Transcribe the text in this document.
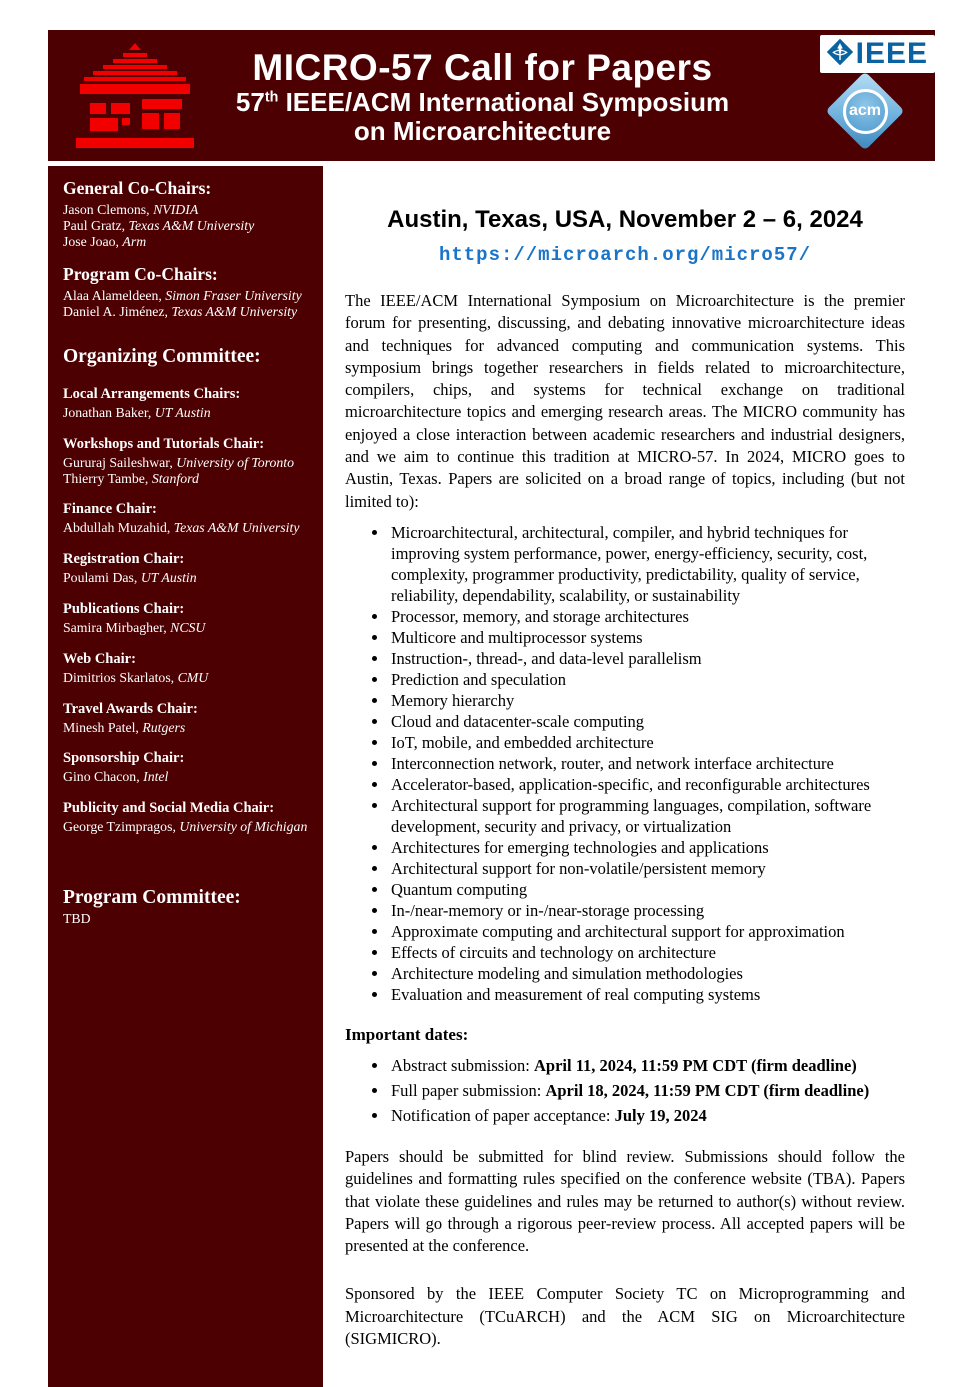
MICRO-57 Call for Papers
57th IEEE/ACM International Symposium
on Microarchitecture
IEEE
acm
General Co-Chairs:
Jason Clemons, NVIDIA
Paul Gratz, Texas A&M University
Jose Joao, Arm
Program Co-Chairs:
Alaa Alameldeen, Simon Fraser University
Daniel A. Jiménez, Texas A&M University
Organizing Committee:
Local Arrangements Chairs:
Jonathan Baker, UT Austin
Workshops and Tutorials Chair:
Gururaj Saileshwar, University of Toronto
Thierry Tambe, Stanford
Finance Chair:
Abdullah Muzahid, Texas A&M University
Registration Chair:
Poulami Das, UT Austin
Publications Chair:
Samira Mirbagher, NCSU
Web Chair:
Dimitrios Skarlatos, CMU
Travel Awards Chair:
Minesh Patel, Rutgers
Sponsorship Chair:
Gino Chacon, Intel
Publicity and Social Media Chair:
George Tzimpragos, University of Michigan
Program Committee:
TBD
Austin, Texas, USA, November 2 – 6, 2024
https://microarch.org/micro57/

The IEEE/ACM International Symposium on Microarchitecture is the premier forum for presenting, discussing, and debating innovative microarchitecture ideas and techniques for advanced computing and communication systems. This symposium brings together researchers in fields related to microarchitecture, compilers, chips, and systems for technical exchange on traditional microarchitecture topics and emerging research areas. The MICRO community has enjoyed a close interaction between academic researchers and industrial designers, and we aim to continue this tradition at MICRO-57. In 2024, MICRO goes to Austin, Texas. Papers are solicited on a broad range of topics, including (but not limited to):

• Microarchitectural, architectural, compiler, and hybrid techniques for improving system performance, power, energy-efficiency, security, cost, complexity, programmer productivity, predictability, quality of service, reliability, dependability, scalability, or sustainability
• Processor, memory, and storage architectures
• Multicore and multiprocessor systems
• Instruction-, thread-, and data-level parallelism
• Prediction and speculation
• Memory hierarchy
• Cloud and datacenter-scale computing
• IoT, mobile, and embedded architecture
• Interconnection network, router, and network interface architecture
• Accelerator-based, application-specific, and reconfigurable architectures
• Architectural support for programming languages, compilation, software development, security and privacy, or virtualization
• Architectures for emerging technologies and applications
• Architectural support for non-volatile/persistent memory
• Quantum computing
• In-/near-memory or in-/near-storage processing
• Approximate computing and architectural support for approximation
• Effects of circuits and technology on architecture
• Architecture modeling and simulation methodologies
• Evaluation and measurement of real computing systems
Important dates:
• Abstract submission: April 11, 2024, 11:59 PM CDT (firm deadline)
• Full paper submission: April 18, 2024, 11:59 PM CDT (firm deadline)
• Notification of paper acceptance: July 19, 2024

Papers should be submitted for blind review. Submissions should follow the guidelines and formatting rules specified on the conference website (TBA). Papers that violate these guidelines and rules may be returned to author(s) without review. Papers will go through a rigorous peer-review process. All accepted papers will be presented at the conference.

Sponsored by the IEEE Computer Society TC on Microprogramming and Microarchitecture (TCuARCH) and the ACM SIG on Microarchitecture (SIGMICRO).
